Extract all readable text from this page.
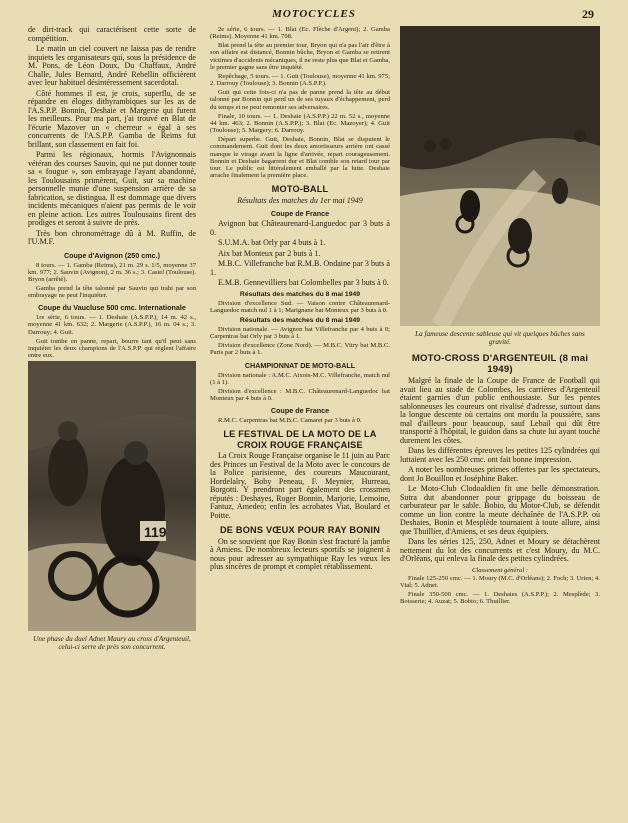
MOTOCYCLES	29

de dirt-track qui caractérisent cette sorte de compétition.

Le matin un ciel couvert ne laissa pas de rendre inquiets les organisateurs qui, sous la présidence de M. Pons, de Léon Doux, Du Chaffaux, André Challe, Jules Bernard, André Rebellin officièrent avec leur habituel désintéressement sacerdotal.

Côté hommes il est, je crois, superflu, de se répandre en éloges dithyrambiques sur les as de l'A.S.P.P. Bonnin, Deshaie et Margerie qui furent les meilleurs. Pour ma part, j'ai trouvé en Blat de l'écurie Mazover un « cherreur » égal à ses concurrents de l'A.S.P.P. Gamba de Reims fut brillant, son classement en fait foi.

Parmi les régionaux, hormis l'Avignonnais vétéran des courses Sauvin, qui ne put donner toute sa « fougue », son embrayage l'ayant abandonné, les Toulousains primèrent, Guit, sur sa machine personnelle munie d'une suspension arrière de sa fabrication, se distingua. Il est dommage que divers incidents mécaniques n'aient pas permis de le voir en pleine action. Les autres Toulousains firent des prodiges et seront à suivre de près.

Très bon chronométrage dû à M. Ruffin, de l'U.M.F.

Coupe d'Avignon (250 cmc.)

8 tours. — 1. Gamba (Reims), 21 m. 29 s. 1/5, moyenne 37 km. 977; 2. Sauvin (Avignon), 2 m. 36 s.; 3. Castel (Toulouse). Bryon (arrêté).

Gamba prend la tête talonné par Sauvin qui trahi par son embrayage ne peut l'inquiéter.

Coupe du Vaucluse 500 cmc. Internationale

1re série, 6 tours. — 1. Deshaie (A.S.P.P.), 14 m. 42 s., moyenne 41 km. 632; 2. Margerie (A.S.P.P.), 16 m. 04 s.; 3. Darrouy; 4. Guit.

Guit tombe en panne, repart, bourre tant qu'il peut sans inquiéter les deux champions de l'A.S.P.P. qui règlent l'affaire entre eux.

119
Une phase du duel Adnet Maury au cross d'Argenteuil, celui-ci serre de près son concurrent.

2e série, 6 tours. — 1. Blat (Ec. Flèche d'Argent); 2. Gamba (Reims). Moyenne 41 km. 708.

Blat prend la tête au premier tour, Bryon qui n'a pas l'air d'être à son affaire est distancé, Bonnin bûche, Bryon et Gamba se retirent victimes d'accidents mécaniques, il ne reste plus que Blat et Gamba, le premier gagne sans être inquiété.

Repêchage, 5 tours. — 1. Guit (Toulouse), moyenne 41 km. 975; 2. Darrouy (Toulouse); 3. Bonnin (A.S.P.P.).

Guit qui cette fois-ci n'a pas de panne prend la tête au début talonné par Bonnin qui perd un de ses tuyaux d'échappement, perd du temps et ne peut remonter ses adversaires.

Finale, 10 tours. — 1. Deshaie (A.S.P.P.) 22 m. 52 s., moyenne 44 km. 463; 2. Bonnin (A.S.P.P.); 3. Blat (Ec. Mazoyer); 4. Guit (Toulouse); 5. Margery; 6. Darrouy.

Départ superbe. Guit, Deshaie, Bonnin, Blat se disputent le commandement. Guit dont les deux amortisseurs arrière ont cassé manque le virage avant la ligne d'arrivée, repart courageusement. Bonnin et Deshaie bagarrent dur et Blat comble son retard tour par tour. Le public est littéralement emballé par la lutte. Deshaie arrache finalement la première place.

MOTO-BALL

Résultats des matches du 1er mai 1949

Coupe de France

Avignon bat Châteaurenard-Languedoc par 3 buts à 0.

S.U.M.A. bat Orly par 4 buts à 1.

Aix bat Monteux par 2 buts à 1.

M.B.C. Villefranche bat R.M.B. Ondaine par 3 buts à 1.

E.M.B. Gennevilliers bat Colombelles par 3 buts à 0.

Résultats des matches du 8 mai 1949

Division d'excellence Sud. — Vaison contre Châteaurenard-Languedoc match nul 1 à 1; Marignane bat Monteux par 3 buts à 0.

Résultats des matches du 8 mai 1949

Division nationale. — Avignon bat Villefranche par 4 buts à 0; Carpentras bat Orly par 3 buts à 1.

Division d'excellence (Zone Nord). — M.B.C. Vitry bat M.B.C. Paris par 2 buts à 1.

CHAMPIONNAT DE MOTO-BALL

Division nationale : A.M.C. Aixois-M.C. Villefranche, match nul (1 à 1).

Division d'excellence : M.B.C. Châteaurenard-Languedoc bat Monteux par 4 buts à 0.

Coupe de France

R.M.C. Carpentras bat M.B.C. Camaret par 3 buts à 0.

LE FESTIVAL DE LA MOTO DE LA CROIX ROUGE FRANÇAISE

La Croix Rouge Française organise le 11 juin au Parc des Princes un Festival de la Moto avec le concours de la Police parisienne, des coureurs Maucourant, Hordelalry, Boby Peneau, F. Meynier, Hurreau, Borgotti. Y prendront part également des crossmen réputés : Deshayes, Roger Bonnin, Marjorie, Lemoine, Fantuz, Amedeo; enfin les acrobates Viat, Boulard et Poitte.

DE BONS VŒUX POUR RAY BONIN

On se souvient que Ray Bonin s'est fracturé la jambe à Amiens. De nombreux lecteurs sportifs se joignent à nous pour adresser au sympathique Ray les vœux les plus sincères de prompt et complet rétablissement.

La fameuse descente sableuse qui vit quelques bûches sans gravité.
MOTO-CROSS D'ARGENTEUIL (8 mai 1949)

Malgré la finale de la Coupe de France de Football qui avait lieu au stade de Colombes, les carrières d'Argenteuil étaient garnies d'un public enthousiaste. Sur les pentes sablonneuses les coureurs ont rivalisé d'adresse, surtout dans la longue descente où certains ont mordu la poussière, sans mal d'ailleurs pour beaucoup, sauf Lebail qui dût être transporté à l'hôpital, le guidon dans sa chute lui ayant touché durement les côtes.

Dans les différentes épreuves les petites 125 cylindrées qui luttaient avec les 250 cmc. ont fait bonne impression.

A noter les nombreuses primes offertes par les spectateurs, dont Jo Bouillon et Joséphine Baker.

Le Moto-Club Clodoaldien fit une belle démonstration. Sutra dut abandonner pour grippage du boisseau de carburateur par le sable. Bobio, du Motor-Club, se défendit comme un lion contre la meute déchaînée de l'A.S.P.P. où Deshaies, Bonin et Mesplède tournaient à toute allure, ainsi que Thuillier, d'Amiens, et ses deux équipiers.

Dans les séries 125, 250, Adnet et Moury se détachèrent nettement du lot des concurrents et c'est Moury, du M.C. d'Orléans, qui enleva la finale des petites cylindrées.

Classement général :

Finale 125-250 cmc. — 1. Moury (M.C. d'Orléans); 2. Foch; 3. Urien; 4. Vial; 5. Adnet.

Finale 350-500 cmc. — 1. Deshaies (A.S.P.P.); 2. Mesplède; 3. Boisserie; 4. Auzat; 5. Bobio; 6. Thuillier.
